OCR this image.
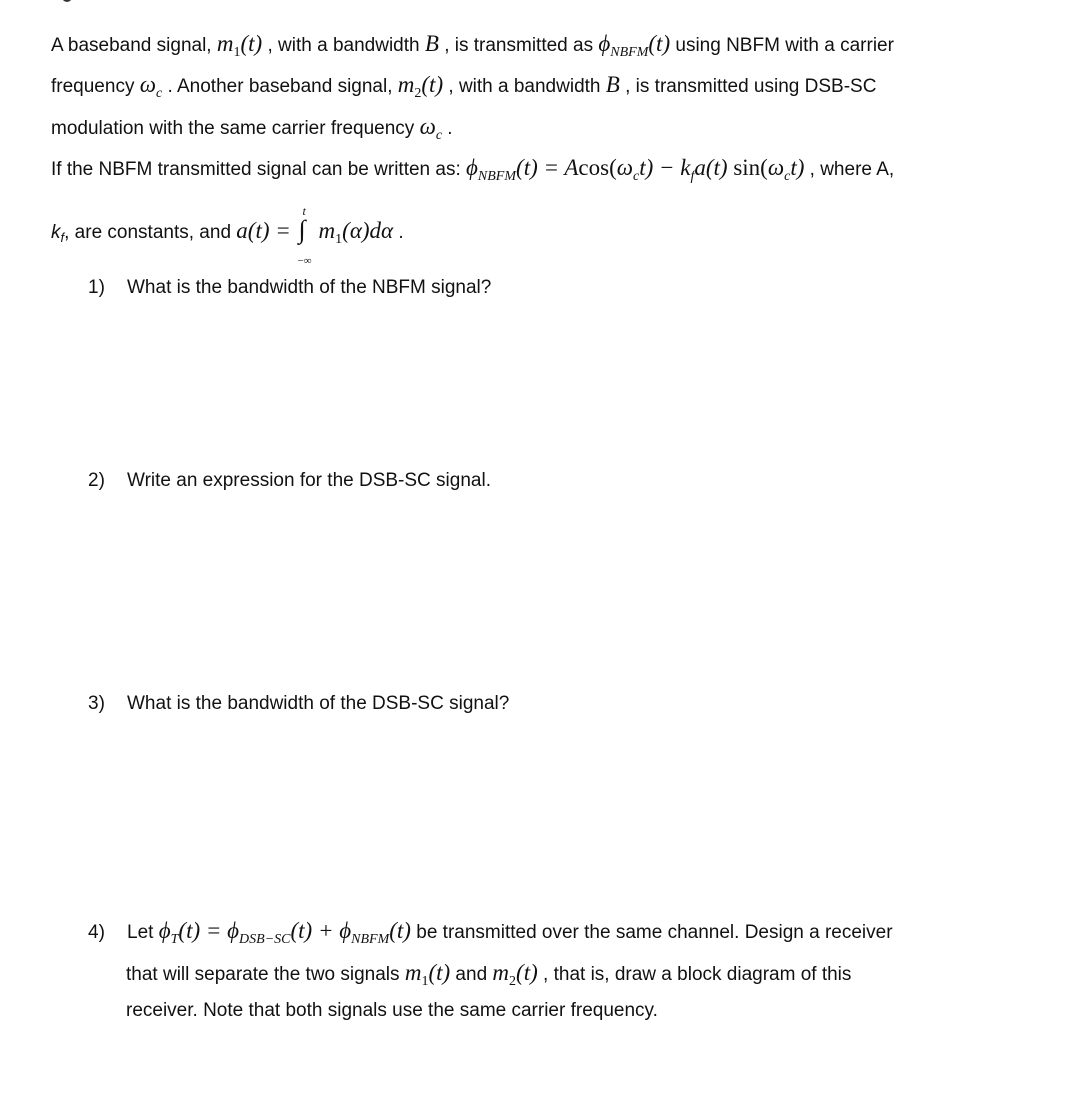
A baseband signal, $m_1(t)$ , with a bandwidth B , is transmitted as $\phi_{NBFM}(t)$ using NBFM with a carrier
frequency $\omega_c$ . Another baseband signal, $m_2(t)$ , with a bandwidth B , is transmitted using DSB-SC
modulation with the same carrier frequency $\omega_c$ .
If the NBFM transmitted signal can be written as: $\phi_{NBFM}(t) = Acos(\omega_ct) - k_fa(t)$ $\sin(\omega_ct)$ , where A,
$k_f$, are constants, and a(t) = ∫
t
−∞
$m_1(\alpha)d\alpha$ .
1) What is the bandwidth of the NBFM signal?
2) Write an expression for the DSB-SC signal.
3) What is the bandwidth of the DSB-SC signal?
4) Let $\phi_T(t) = \phi_{DSB-SC}(t) + \phi_{NBFM}(t)$ be transmitted over the same channel. Design a receiver
that will separate the two signals $m_1(t)$ and $m_2(t)$ , that is, draw a block diagram of this
receiver. Note that both signals use the same carrier frequency.
